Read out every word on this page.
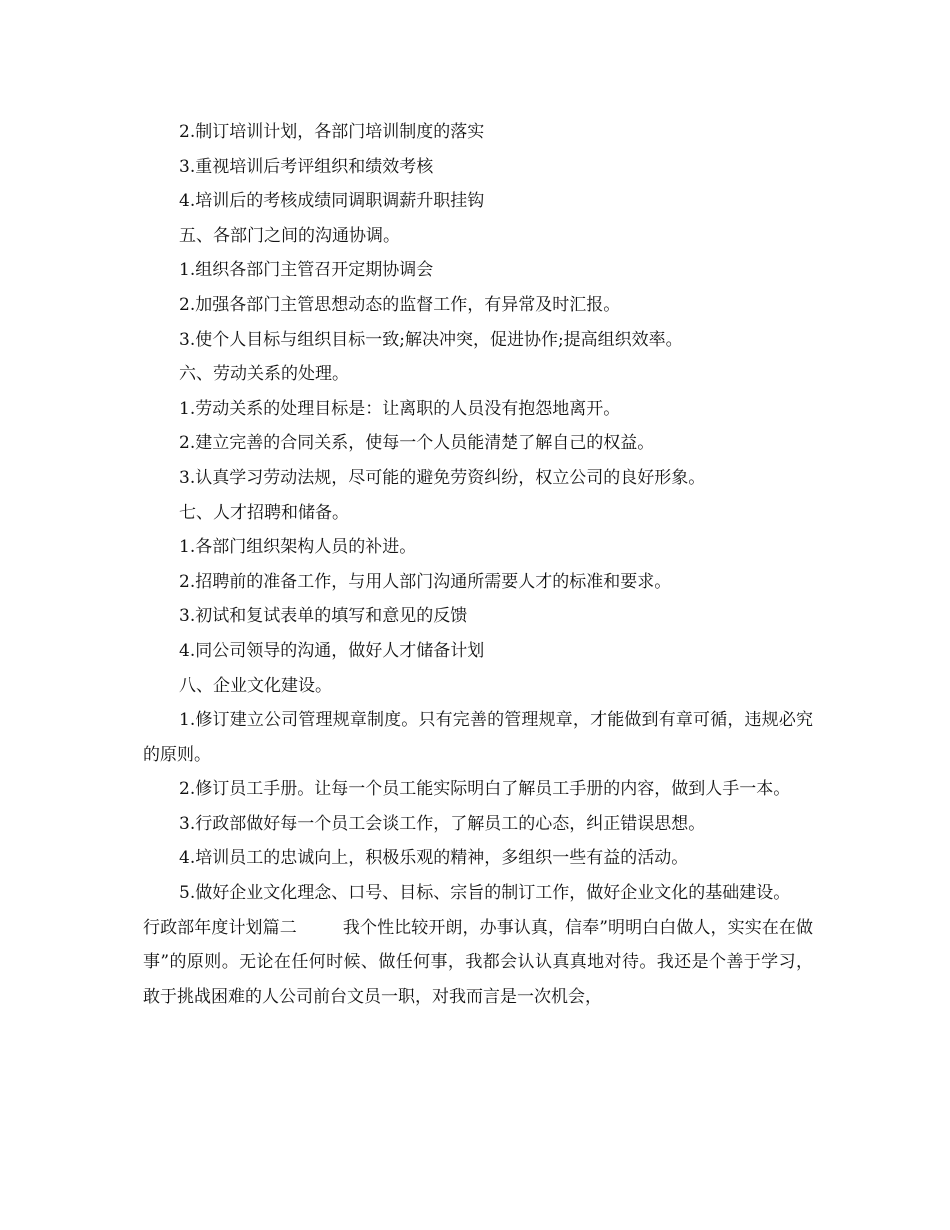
2.制订培训计划，各部门培训制度的落实
3.重视培训后考评组织和绩效考核
4.培训后的考核成绩同调职调薪升职挂钩
五、各部门之间的沟通协调。
1.组织各部门主管召开定期协调会
2.加强各部门主管思想动态的监督工作，有异常及时汇报。
3.使个人目标与组织目标一致;解决冲突，促进协作;提高组织效率。
六、劳动关系的处理。
1.劳动关系的处理目标是：让离职的人员没有抱怨地离开。
2.建立完善的合同关系，使每一个人员能清楚了解自己的权益。
3.认真学习劳动法规，尽可能的避免劳资纠纷，权立公司的良好形象。
七、人才招聘和储备。
1.各部门组织架构人员的补进。
2.招聘前的准备工作，与用人部门沟通所需要人才的标准和要求。
3.初试和复试表单的填写和意见的反馈
4.同公司领导的沟通，做好人才储备计划
八、企业文化建设。
1.修订建立公司管理规章制度。只有完善的管理规章，才能做到有章可循，违规必究的原则。
2.修订员工手册。让每一个员工能实际明白了解员工手册的内容，做到人手一本。
3.行政部做好每一个员工会谈工作，了解员工的心态，纠正错误思想。
4.培训员工的忠诚向上，积极乐观的精神，多组织一些有益的活动。
5.做好企业文化理念、口号、目标、宗旨的制订工作，做好企业文化的基础建设。
行政部年度计划篇二	我个性比较开朗，办事认真，信奉”明明白白做人，实实在在做事”的原则。无论在任何时候、做任何事，我都会认认真真地对待。我还是个善于学习，敢于挑战困难的人公司前台文员一职，对我而言是一次机会，
